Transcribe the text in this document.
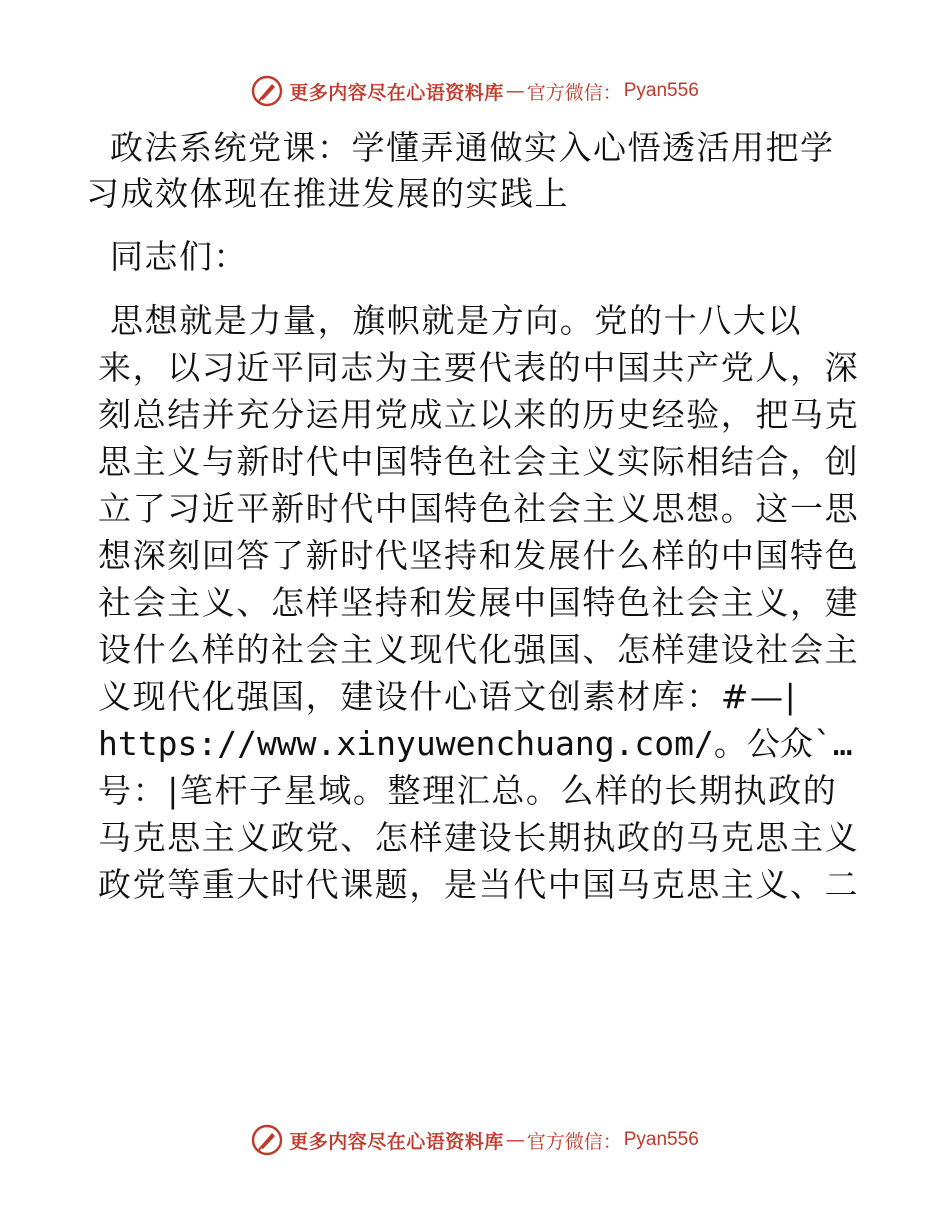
更多内容尽在心语资料库 — 官方微信： Pyan556
政法系统党课：学懂弄通做实入心悟透活用把学
习成效体现在推进发展的实践上

同志们：

思想就是力量，旗帜就是方向。党的十八大以
来，以习近平同志为主要代表的中国共产党人，深
刻总结并充分运用党成立以来的历史经验，把马克
思主义与新时代中国特色社会主义实际相结合，创
立了习近平新时代中国特色社会主义思想。这一思
想深刻回答了新时代坚持和发展什么样的中国特色
社会主义、怎样坚持和发展中国特色社会主义，建
设什么样的社会主义现代化强国、怎样建设社会主
义现代化强国，建设什心语文创素材库：#—|
https://www.xinyuwenchuang.com/。公众`…
号：|笔杆子星域。整理汇总。么样的长期执政的
马克思主义政党、怎样建设长期执政的马克思主义
政党等重大时代课题，是当代中国马克思主义、二
更多内容尽在心语资料库 — 官方微信： Pyan556
